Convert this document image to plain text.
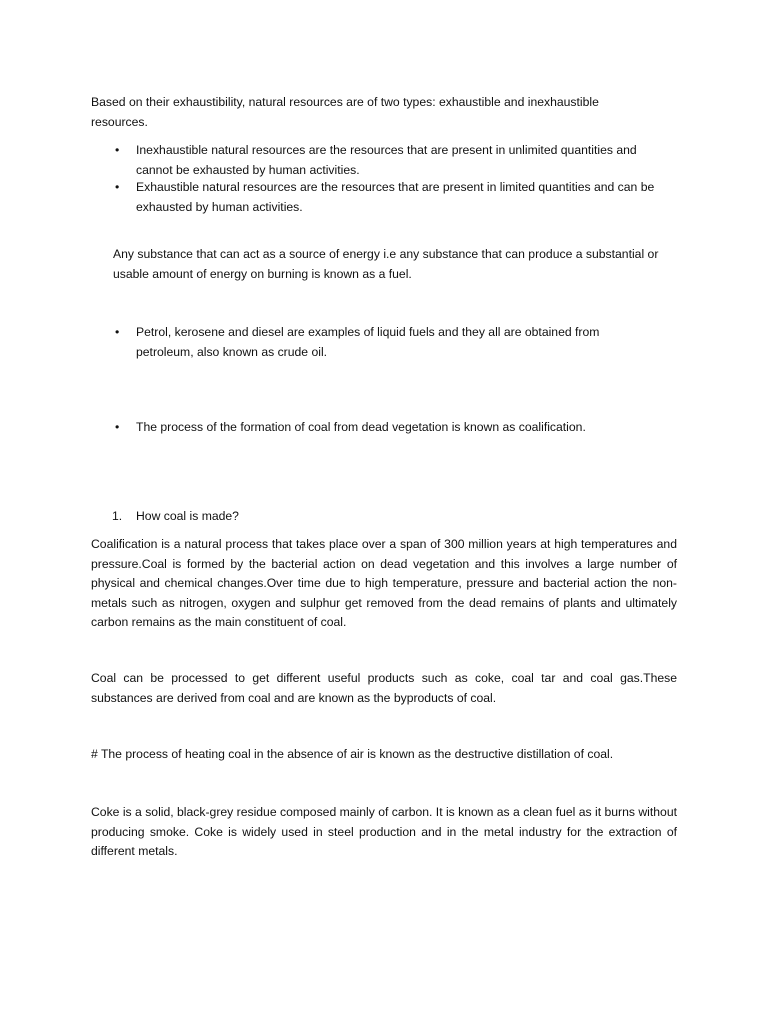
Based on their exhaustibility, natural resources are of two types: exhaustible and inexhaustible resources.

•	Inexhaustible natural resources are the resources that are present in unlimited quantities and cannot be exhausted by human activities.
•	Exhaustible natural resources are the resources that are present in limited quantities and can be exhausted by human activities.

Any substance that can act as a source of energy i.e any substance that can produce a substantial or usable amount of energy on burning is known as a fuel.

•	Petrol, kerosene and diesel are examples of liquid fuels and they all are obtained from petroleum, also known as crude oil.
•	The process of the formation of coal from dead vegetation is known as coalification.
1. How coal is made?

Coalification is a natural process that takes place over a span of 300 million years at high temperatures and pressure.Coal is formed by the bacterial action on dead vegetation and this involves a large number of physical and chemical changes.Over time due to high temperature, pressure and bacterial action the non-metals such as nitrogen, oxygen and sulphur get removed from the dead remains of plants and ultimately carbon remains as the main constituent of coal.

Coal can be processed to get different useful products such as coke, coal tar and coal gas.These substances are derived from coal and are known as the byproducts of coal.

# The process of heating coal in the absence of air is known as the destructive distillation of coal.

Coke is a solid, black-grey residue composed mainly of carbon. It is known as a clean fuel as it burns without producing smoke. Coke is widely used in steel production and in the metal industry for the extraction of different metals.
